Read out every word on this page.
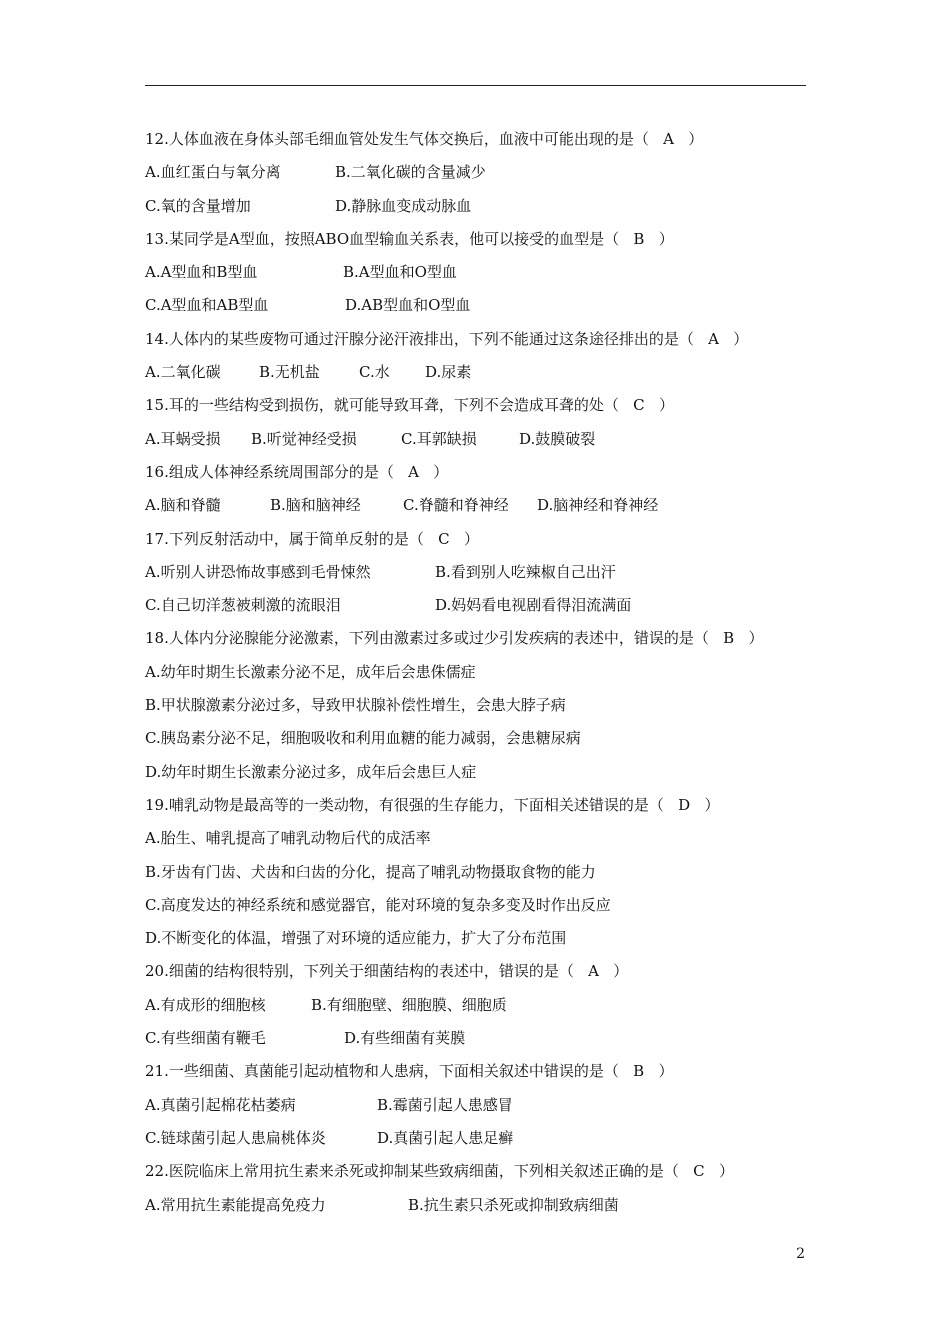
12.人体血液在身体头部毛细血管处发生气体交换后，血液中可能出现的是（   A   ）
A.血红蛋白与氧分离	B.二氧化碳的含量减少
C.氧的含量增加	D.静脉血变成动脉血
13.某同学是A型血，按照ABO血型输血关系表，他可以接受的血型是（   B   ）
A.A型血和B型血	B.A型血和O型血
C.A型血和AB型血	D.AB型血和O型血
14.人体内的某些废物可通过汗腺分泌汗液排出，下列不能通过这条途径排出的是（   A   ）
A.二氧化碳	B.无机盐	C.水 D.尿素
15.耳的一些结构受到损伤，就可能导致耳聋，下列不会造成耳聋的处（   C   ）
A.耳蜗受损 B.听觉神经受损	C.耳郭缺损	D.鼓膜破裂
16.组成人体神经系统周围部分的是（   A   ）
A.脑和脊髓	B.脑和脑神经	C.脊髓和脊神经 D.脑神经和脊神经
17.下列反射活动中，属于简单反射的是（   C   ）
A.听别人讲恐怖故事感到毛骨悚然	B.看到别人吃辣椒自己出汗
C.自己切洋葱被刺激的流眼泪	D.妈妈看电视剧看得泪流满面
18.人体内分泌腺能分泌激素，下列由激素过多或过少引发疾病的表述中，错误的是（   B   ）
A.幼年时期生长激素分泌不足，成年后会患侏儒症
B.甲状腺激素分泌过多，导致甲状腺补偿性增生，会患大脖子病
C.胰岛素分泌不足，细胞吸收和利用血糖的能力减弱，会患糖尿病
D.幼年时期生长激素分泌过多，成年后会患巨人症
19.哺乳动物是最高等的一类动物，有很强的生存能力，下面相关述错误的是（   D   ）
A.胎生、哺乳提高了哺乳动物后代的成活率
B.牙齿有门齿、犬齿和臼齿的分化，提高了哺乳动物摄取食物的能力
C.高度发达的神经系统和感觉器官，能对环境的复杂多变及时作出反应
D.不断变化的体温，增强了对环境的适应能力，扩大了分布范围
20.细菌的结构很特别，下列关于细菌结构的表述中，错误的是（   A   ）
A.有成形的细胞核	B.有细胞壁、细胞膜、细胞质
C.有些细菌有鞭毛	D.有些细菌有荚膜
21.一些细菌、真菌能引起动植物和人患病，下面相关叙述中错误的是（   B   ）
A.真菌引起棉花枯萎病	B.霉菌引起人患感冒
C.链球菌引起人患扁桃体炎	D.真菌引起人患足癣
22.医院临床上常用抗生素来杀死或抑制某些致病细菌，下列相关叙述正确的是（   C   ）
A.常用抗生素能提高免疫力	B.抗生素只杀死或抑制致病细菌
2
